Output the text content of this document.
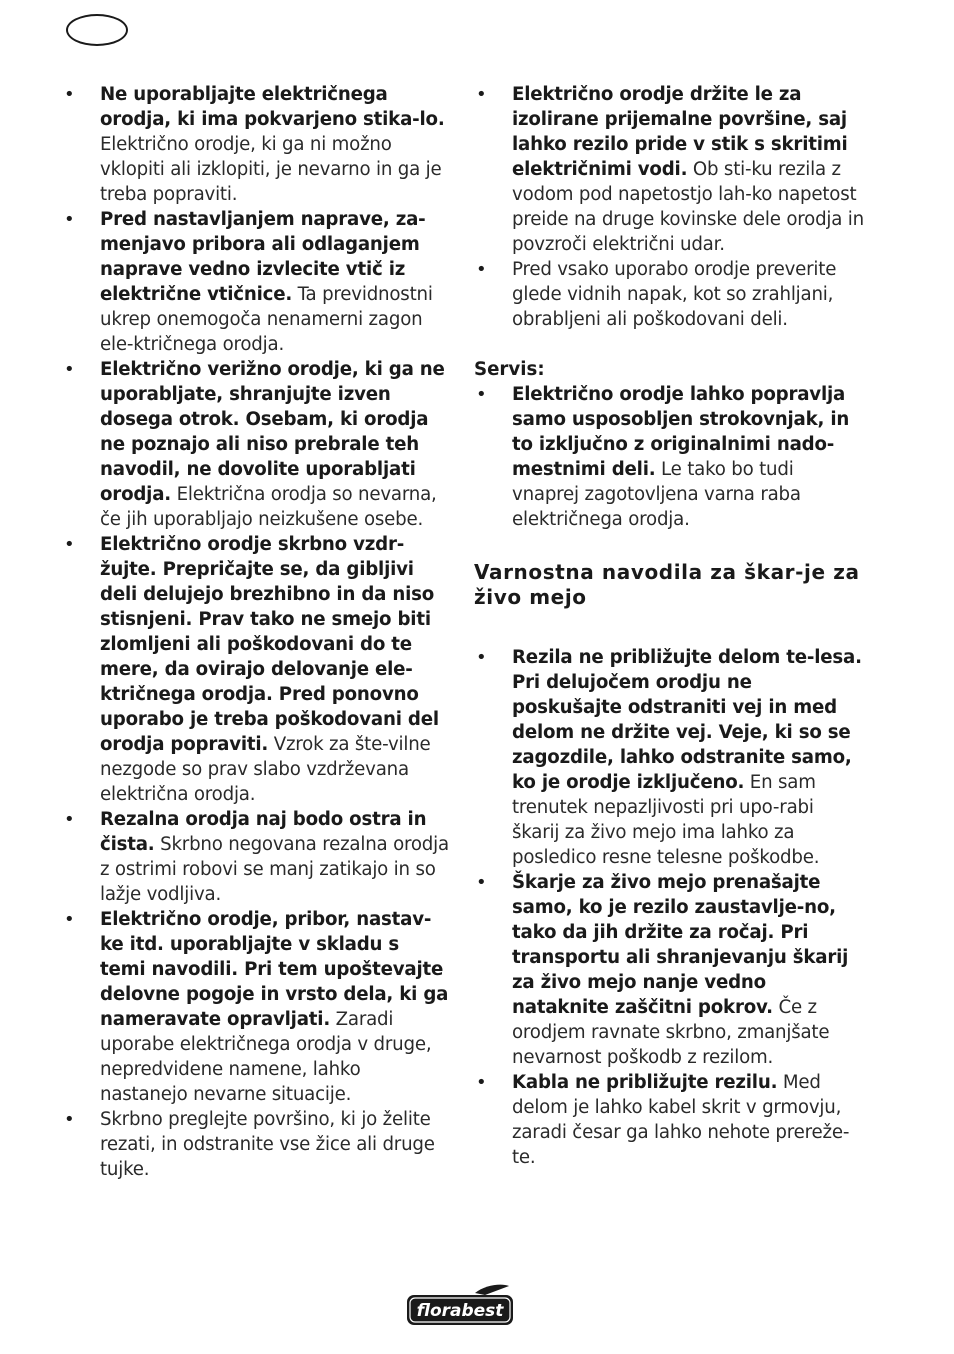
• Ne uporabljajte električnega orodja, ki ima pokvarjeno stika-lo. Električno orodje, ki ga ni možno vklopiti ali izklopiti, je nevarno in ga je treba popraviti.
• Pred nastavljanjem naprave, za-menjavo pribora ali odlaganjem naprave vedno izvlecite vtič iz električne vtičnice. Ta previdnostni ukrep onemogoča nenamerni zagon ele-ktričnega orodja.
• Električno verižno orodje, ki ga ne uporabljate, shranjujte izven dosega otrok. Osebam, ki orodja ne poznajo ali niso prebrale teh navodil, ne dovolite uporabljati orodja. Električna orodja so nevarna, če jih uporabljajo neizkušene osebe.
• Električno orodje skrbno vzdr-žujte. Prepričajte se, da gibljivi deli delujejo brezhibno in da niso stisnjeni. Prav tako ne smejo biti zlomljeni ali poškodovani do te mere, da ovirajo delovanje ele-ktričnega orodja. Pred ponovno uporabo je treba poškodovani del orodja popraviti. Vzrok za šte-vilne nezgode so prav slabo vzdrževana električna orodja.
• Rezalna orodja naj bodo ostra in čista. Skrbno negovana rezalna orodja z ostrimi robovi se manj zatikajo in so lažje vodljiva.
• Električno orodje, pribor, nastav-ke itd. uporabljajte v skladu s temi navodili. Pri tem upoštevajte delovne pogoje in vrsto dela, ki ga nameravate opravljati. Zaradi uporabe električnega orodja v druge, nepredvidene namene, lahko nastanejo nevarne situacije.
• Skrbno preglejte površino, ki jo želite rezati, in odstranite vse žice ali druge tujke.
• Električno orodje držite le za izolirane prijemalne površine, saj lahko rezilo pride v stik s skritimi električnimi vodi. Ob sti-ku rezila z vodom pod napetostjo lah-ko napetost preide na druge kovinske dele orodja in povzroči električni udar.
• Pred vsako uporabo orodje preverite glede vidnih napak, kot so zrahljani, obrabljeni ali poškodovani deli.

Servis:

• Električno orodje lahko popravlja samo usposobljen strokovnjak, in to izključno z originalnimi nado-mestnimi deli. Le tako bo tudi vnaprej zagotovljena varna raba električnega orodja.

Varnostna navodila za škar-je za živo mejo

• Rezila ne približujte delom te-lesa. Pri delujočem orodju ne poskušajte odstraniti vej in med delom ne držite vej. Veje, ki so se zagozdile, lahko odstranite samo, ko je orodje izključeno. En sam trenutek nepazljivosti pri upo-rabi škarij za živo mejo ima lahko za posledico resne telesne poškodbe.
• Škarje za živo mejo prenašajte samo, ko je rezilo zaustavlje-no, tako da jih držite za ročaj. Pri transportu ali shranjevanju škarij za živo mejo nanje vedno nataknite zaščitni pokrov. Če z orodjem ravnate skrbno, zmanjšate nevarnost poškodb z rezilom.
• Kabla ne približujte rezilu. Med delom je lahko kabel skrit v grmovju, zaradi česar ga lahko nehote prereže-te.
florabest
